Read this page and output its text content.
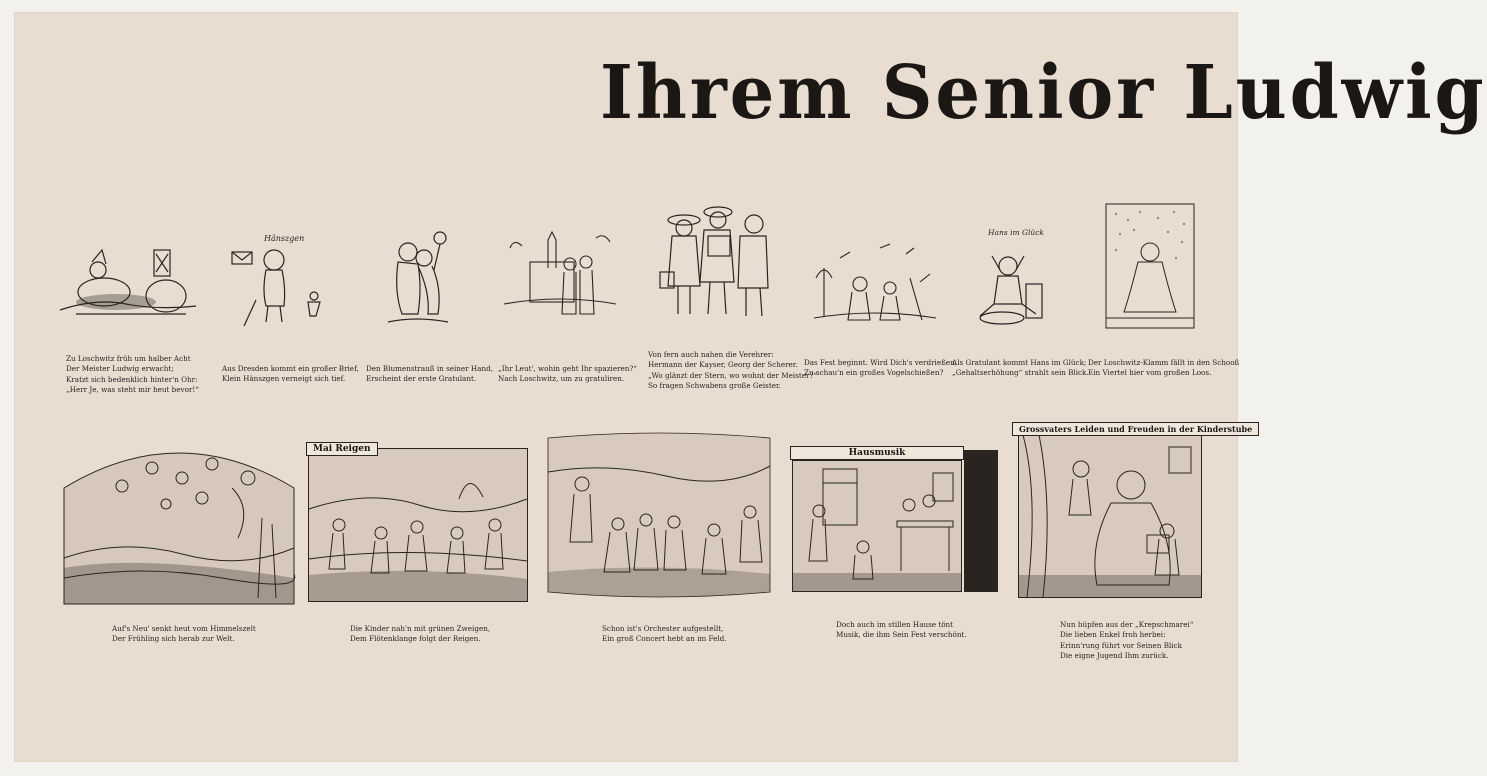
Ihrem Senior Ludwig
Hänszgen
Hans im Glück
Zu Loschwitz früh um halber Acht
Der Meister Ludwig erwacht;
Kratzt sich bedenklich hinter'n Ohr:
„Herr Je, was steht mir heut bevor!“
Aus Dresden kommt ein großer Brief,
Klein Hänszgen verneigt sich tief.
Den Blumenstrauß in seiner Hand,
Erscheint der erste Gratulant.
„Ihr Leut', wohin geht Ihr spazieren?“
Nach Loschwitz, um zu gratuliren.
Von fern auch nahen die Verehrer:
Hermann der Kayser, Georg der Scherer.
„Wo glänzt der Stern, wo wohnt der Meister?“
So fragen Schwabens große Geister.
Das Fest beginnt. Wird Dich's verdrießen,
Zu schau'n ein großes Vogelschießen?
Als Gratulant kommt Hans im Glück;
„Gehaltserhöhung“ strahlt sein Blick.
Der Loschwitz-Klamm fällt in den Schooß
Ein Viertel hier vom großen Loos.
Mai Reigen	Hausmusik
Grossvaters Leiden und Freuden in der Kinderstube
Auf's Neu' senkt heut vom Himmelszelt
Der Frühling sich herab zur Welt.
Die Kinder nah'n mit grünen Zweigen,
Dem Flötenklange folgt der Reigen.
Schon ist's Orchester aufgestellt,
Ein groß Concert hebt an im Feld.
Doch auch im stillen Hause tönt
Musik, die ihm Sein Fest verschönt.
Nun hüpfen aus der „Krepschmarei“
Die lieben Enkel froh herbei:
Erinn'rung führt vor Seinen Blick
Die eigne Jugend Ihm zurück.
